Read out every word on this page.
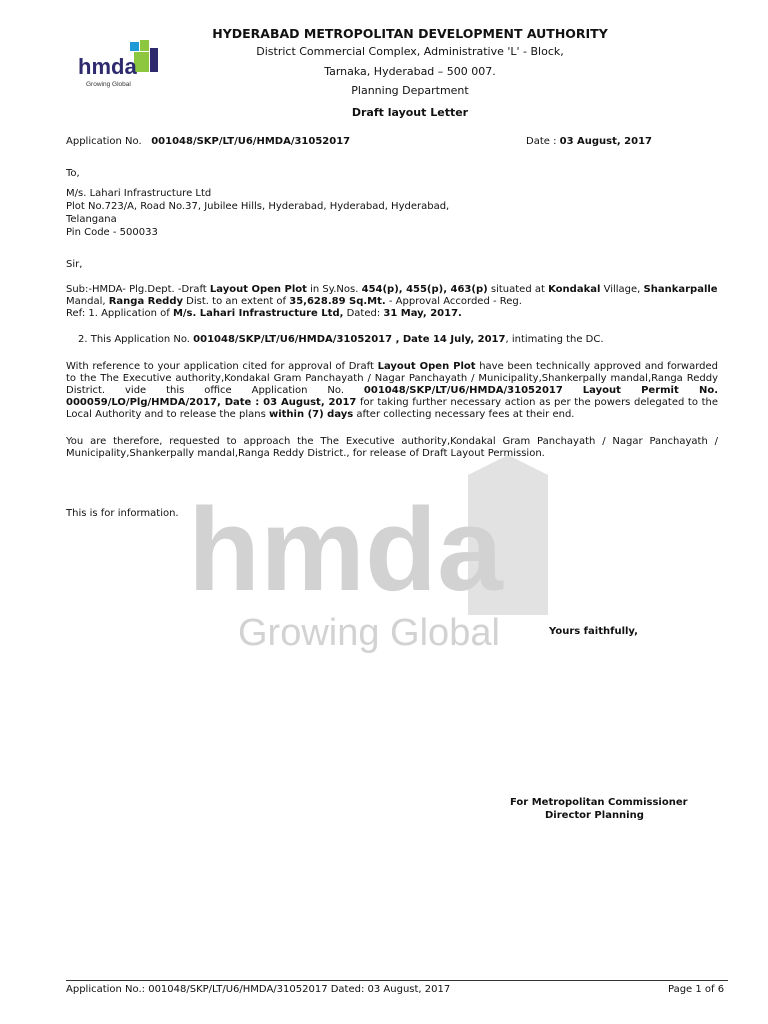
hmda
Growing Global
hmda
Growing Global
HYDERABAD METROPOLITAN DEVELOPMENT AUTHORITY
District Commercial Complex, Administrative 'L' - Block,
Tarnaka, Hyderabad – 500 007.
Planning Department
Draft layout Letter
Application No. 001048/SKP/LT/U6/HMDA/31052017	Date : 03 August, 2017
To,
M/s. Lahari Infrastructure Ltd
Plot No.723/A, Road No.37, Jubilee Hills, Hyderabad, Hyderabad, Hyderabad,
Telangana
Pin Code - 500033
Sir,
Sub:-HMDA- Plg.Dept. -Draft Layout Open Plot in Sy.Nos. 454(p), 455(p), 463(p) situated at Kondakal Village, Shankarpalle
Mandal, Ranga Reddy Dist. to an extent of 35,628.89 Sq.Mt. - Approval Accorded - Reg.
Ref: 1. Application of M/s. Lahari Infrastructure Ltd, Dated: 31 May, 2017.
2. This Application No. 001048/SKP/LT/U6/HMDA/31052017 , Date 14 July, 2017, intimating the DC.
With reference to your application cited for approval of Draft Layout Open Plot have been technically approved and forwarded to the The Executive authority,Kondakal Gram Panchayath / Nagar Panchayath / Municipality,Shankerpally mandal,Ranga Reddy District. vide this office Application No. 001048/SKP/LT/U6/HMDA/31052017 Layout Permit No. 000059/LO/Plg/HMDA/2017, Date : 03 August, 2017 for taking further necessary action as per the powers delegated to the Local Authority and to release the plans within (7) days after collecting necessary fees at their end.
You are therefore, requested to approach the The Executive authority,Kondakal Gram Panchayath / Nagar Panchayath / Municipality,Shankerpally mandal,Ranga Reddy District., for release of Draft Layout Permission.
This is for information.
Yours faithfully,
For Metropolitan Commissioner
Director Planning
Application No.: 001048/SKP/LT/U6/HMDA/31052017 Dated: 03 August, 2017	Page 1 of 6
